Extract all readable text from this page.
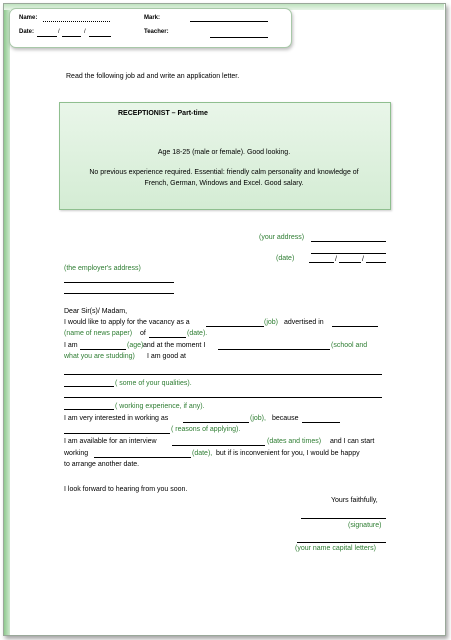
Name:
Date:	/	/
Mark:
Teacher:
Read the following job ad and write an application letter.
RECEPTIONIST – Part-time
Age 18-25 (male or female). Good looking.
No previous experience required. Essential: friendly calm personality and knowledge of
French, German, Windows and Excel. Good salary.
(your address)
(date)	/	/
(the employer's address)
Dear Sir(s)/ Madam,
I would like to apply for the vacancy as a	(job) advertised in
(name of news paper) of	(date).
I am	(age) and at the moment I	(school and
what you are studding) I am good at
( some of your qualities).
( working experience, if any).
I am very interested in working as	(job), because
( reasons of applying).
I am available for an interview	(dates and times) and I can start
working	(date), but if is inconvenient for you, I would be happy
to arrange another date.
I look forward to hearing from you soon.
Yours faithfully,
(signature)
(your name capital letters)
